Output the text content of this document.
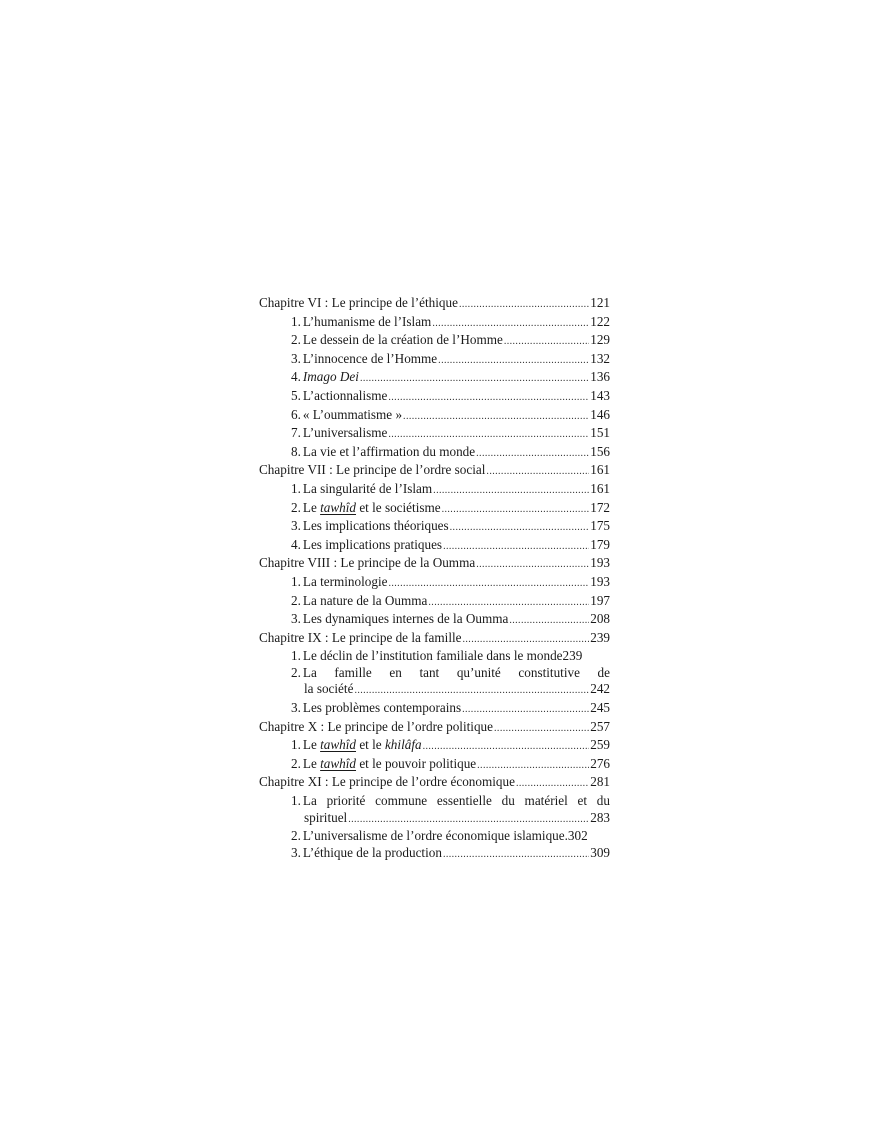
Chapitre VI : Le principe de l’éthique .....	121
1. L’humanisme de l’Islam .....	122
2. Le dessein de la création de l’Homme .....	129
3. L’innocence de l’Homme .....	132
4. Imago Dei .....	136
5. L’actionnalisme .....	143
6. « L’oummatisme » .....	146
7. L’universalisme .....	151
8. La vie et l’affirmation du monde .....	156
Chapitre VII : Le principe de l’ordre social .....	161
1. La singularité de l’Islam .....	161
2. Le tawhîd et le sociétisme .....	172
3. Les implications théoriques .....	175
4. Les implications pratiques .....	179
Chapitre VIII : Le principe de la Oumma .....	193
1. La terminologie .....	193
2. La nature de la Oumma .....	197
3. Les dynamiques internes de la Oumma .....	208
Chapitre IX : Le principe de la famille .....	239
1. Le déclin de l’institution familiale dans le monde 239
2. La famille en tant qu’unité constitutive de
la société .....	242
3. Les problèmes contemporains .....	245
Chapitre X : Le principe de l’ordre politique .....	257
1. Le tawhîd et le khilâfa .....	259
2. Le tawhîd et le pouvoir politique .....	276
Chapitre XI : Le principe de l’ordre économique .....	281
1. La priorité commune essentielle du matériel et du
spirituel .....	283
2. L’universalisme de l’ordre économique islamique. 302
3. L’éthique de la production .....	309
